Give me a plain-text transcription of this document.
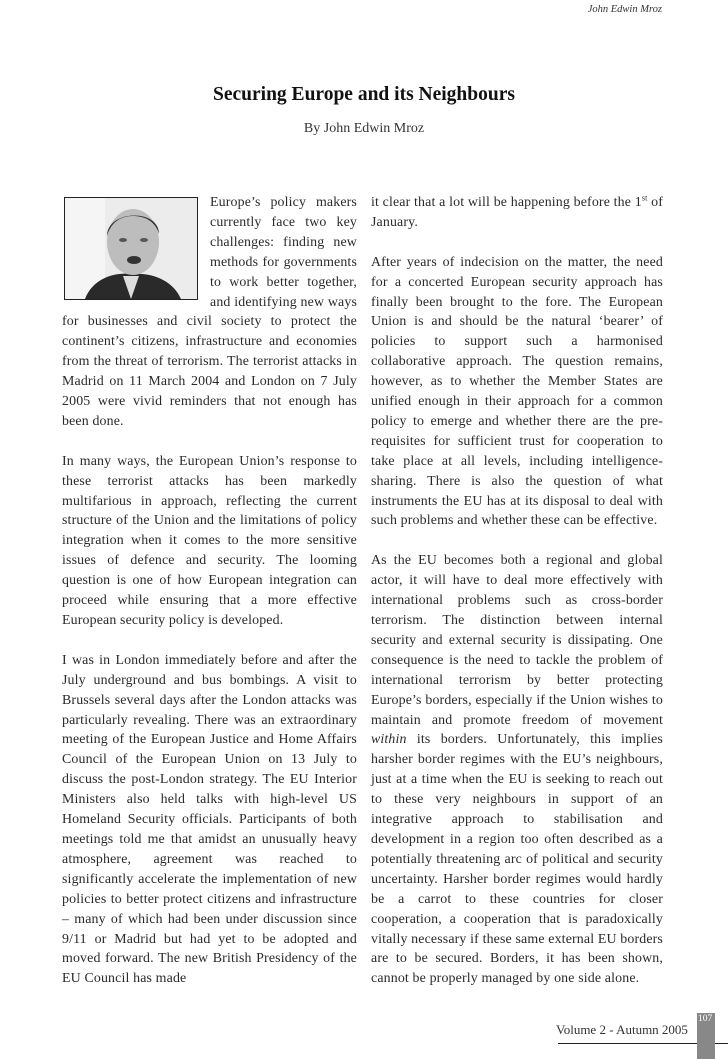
John Edwin Mroz
Securing Europe and its Neighbours
By John Edwin Mroz

Europe’s policy makers currently face two key challenges: finding new methods for governments to work better together, and identifying new ways for businesses and civil society to protect the continent’s citizens, infrastructure and economies from the threat of terrorism. The terrorist attacks in Madrid on 11 March 2004 and London on 7 July 2005 were vivid reminders that not enough has been done.

In many ways, the European Union’s response to these terrorist attacks has been markedly multifarious in approach, reflecting the current structure of the Union and the limitations of policy integration when it comes to the more sensitive issues of defence and security. The looming question is one of how European integration can proceed while ensuring that a more effective European security policy is developed.

I was in London immediately before and after the July underground and bus bombings. A visit to Brussels several days after the London attacks was particularly revealing. There was an extraordinary meeting of the European Justice and Home Affairs Council of the European Union on 13 July to discuss the post-London strategy. The EU Interior Ministers also held talks with high-level US Homeland Security officials. Participants of both meetings told me that amidst an unusually heavy atmosphere, agreement was reached to significantly accelerate the implementation of new policies to better protect citizens and infrastructure – many of which had been under discussion since 9/11 or Madrid but had yet to be adopted and moved forward. The new British Presidency of the EU Council has made

it clear that a lot will be happening before the 1st of January.

After years of indecision on the matter, the need for a concerted European security approach has finally been brought to the fore. The European Union is and should be the natural ‘bearer’ of policies to support such a harmonised collaborative approach. The question remains, however, as to whether the Member States are unified enough in their approach for a common policy to emerge and whether there are the pre-requisites for sufficient trust for cooperation to take place at all levels, including intelligence-sharing. There is also the question of what instruments the EU has at its disposal to deal with such problems and whether these can be effective.

As the EU becomes both a regional and global actor, it will have to deal more effectively with international problems such as cross-border terrorism. The distinction between internal security and external security is dissipating. One consequence is the need to tackle the problem of international terrorism by better protecting Europe’s borders, especially if the Union wishes to maintain and promote freedom of movement within its borders. Unfortunately, this implies harsher border regimes with the EU’s neighbours, just at a time when the EU is seeking to reach out to these very neighbours in support of an integrative approach to stabilisation and development in a region too often described as a potentially threatening arc of political and security uncertainty. Harsher border regimes would hardly be a carrot to these countries for closer cooperation, a cooperation that is paradoxically vitally necessary if these same external EU borders are to be secured. Borders, it has been shown, cannot be properly managed by one side alone.

Volume 2 - Autumn 2005
107
